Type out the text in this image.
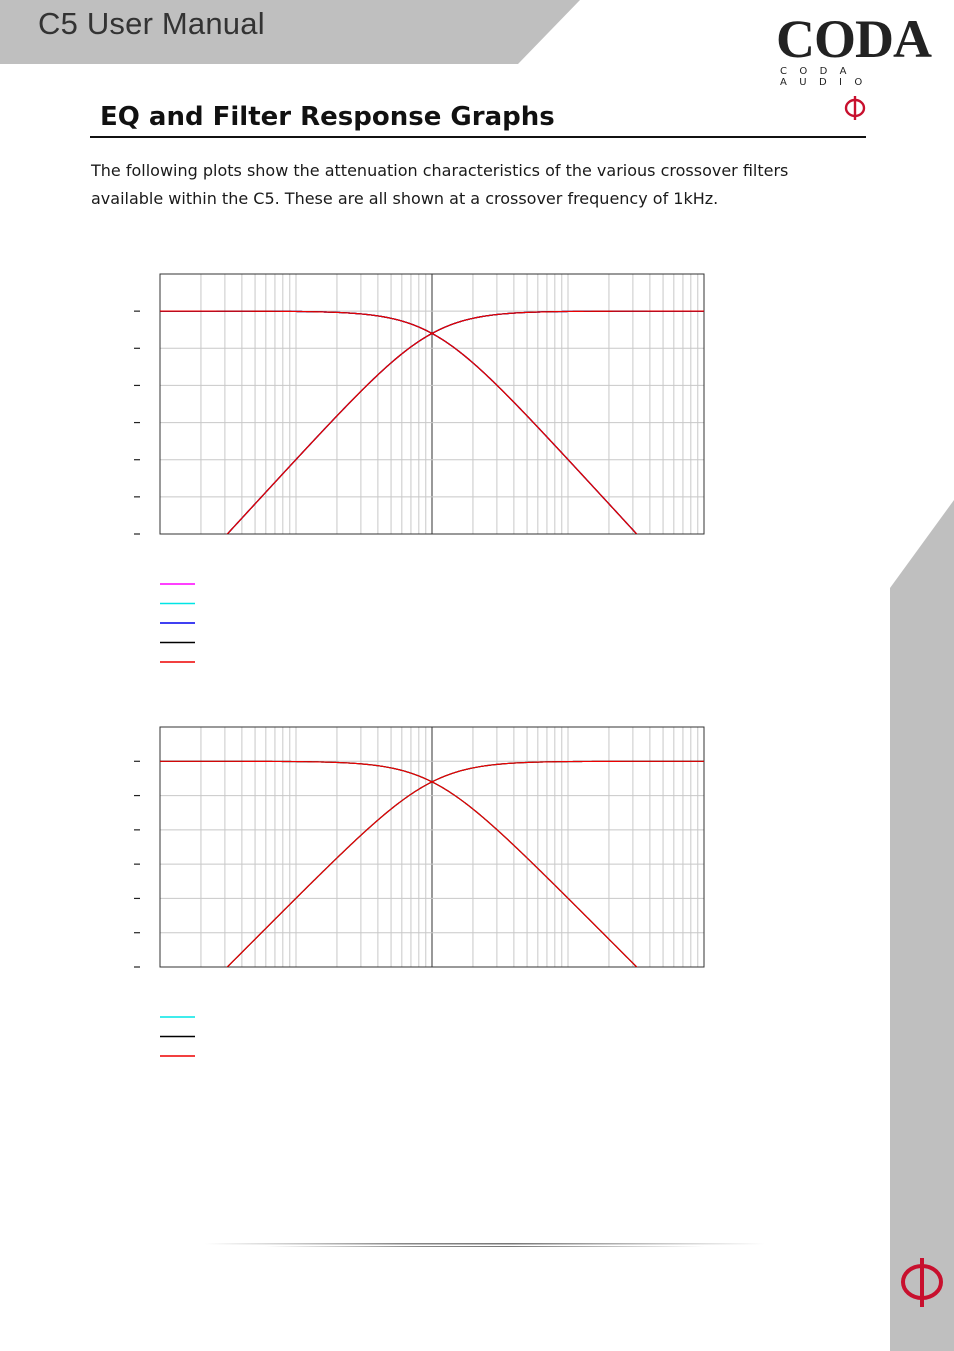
C5 User Manual	CODA
CODA AUDIO
EQ and Filter Response Graphs

The following plots show the attenuation characteristics of the various crossover filters

available within the C5. These are all shown at a crossover frequency of 1kHz.
